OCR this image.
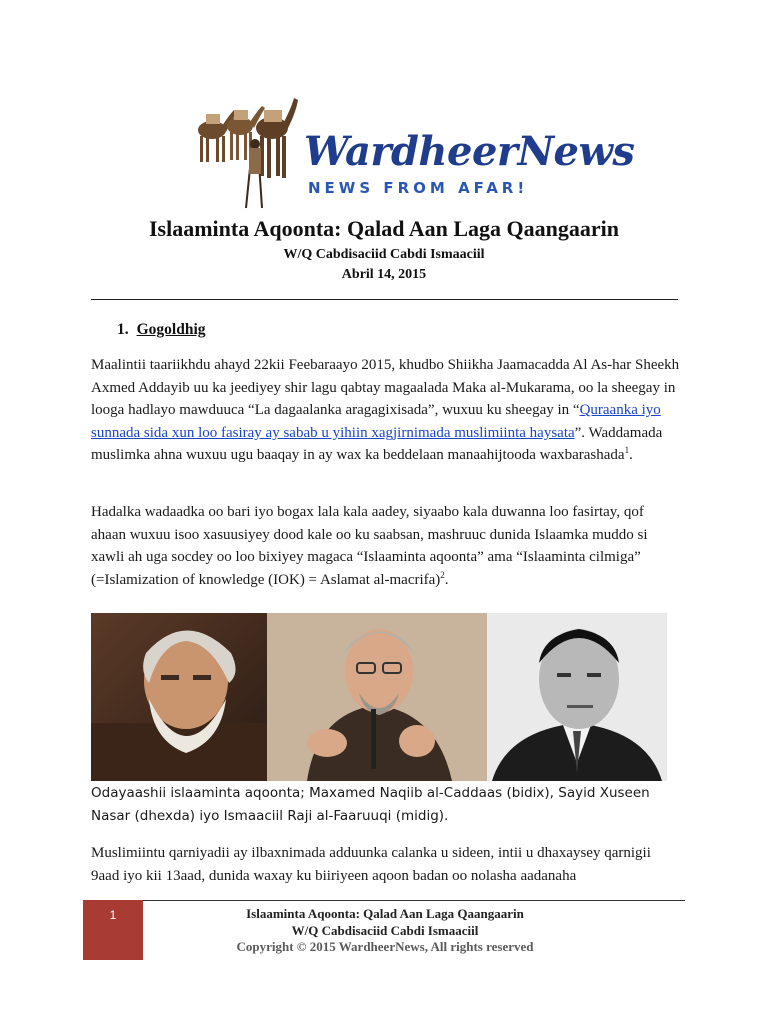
WardheerNews
NEWS FROM AFAR!
Islaaminta Aqoonta: Qalad Aan Laga Qaangaarin
W/Q Cabdisaciid Cabdi Ismaaciil
Abril 14, 2015
1. Gogoldhig
Maalintii taariikhdu ahayd 22kii Feebaraayo 2015, khudbo Shiikha Jaamacadda Al As-har Sheekh Axmed Addayib uu ka jeediyey shir lagu qabtay magaalada Maka al-Mukarama, oo la sheegay in looga hadlayo mawduuca “La dagaalanka aragagixisada”, wuxuu ku sheegay in “Quraanka iyo sunnada sida xun loo fasiray ay sabab u yihiin xagjirnimada muslimiinta haysata”. Waddamada muslimka ahna wuxuu ugu baaqay in ay wax ka beddelaan manaahijtooda waxbarashada$^1$.
Hadalka wadaadka oo bari iyo bogax lala kala aadey, siyaabo kala duwanna loo fasirtay, qof ahaan wuxuu isoo xasuusiyey dood kale oo ku saabsan, mashruuc dunida Islaamka muddo si xawli ah uga socdey oo loo bixiyey magaca “Islaaminta aqoonta” ama “Islaaminta cilmiga” (=Islamization of knowledge (IOK) = Aslamat al-macrifa)$^2$.
Odayaashii islaaminta aqoonta; Maxamed Naqiib al-Caddaas (bidix), Sayid Xuseen Nasar (dhexda) iyo Ismaaciil Raji al-Faaruuqi (midig).
Muslimiintu qarniyadii ay ilbaxnimada adduunka calanka u sideen, intii u dhaxaysey qarnigii 9aad iyo kii 13aad, dunida waxay ku biiriyeen aqoon badan oo nolasha aadanaha
1	Islaaminta Aqoonta: Qalad Aan Laga Qaangaarin
W/Q Cabdisaciid Cabdi Ismaaciil
Copyright © 2015 WardheerNews, All rights reserved
